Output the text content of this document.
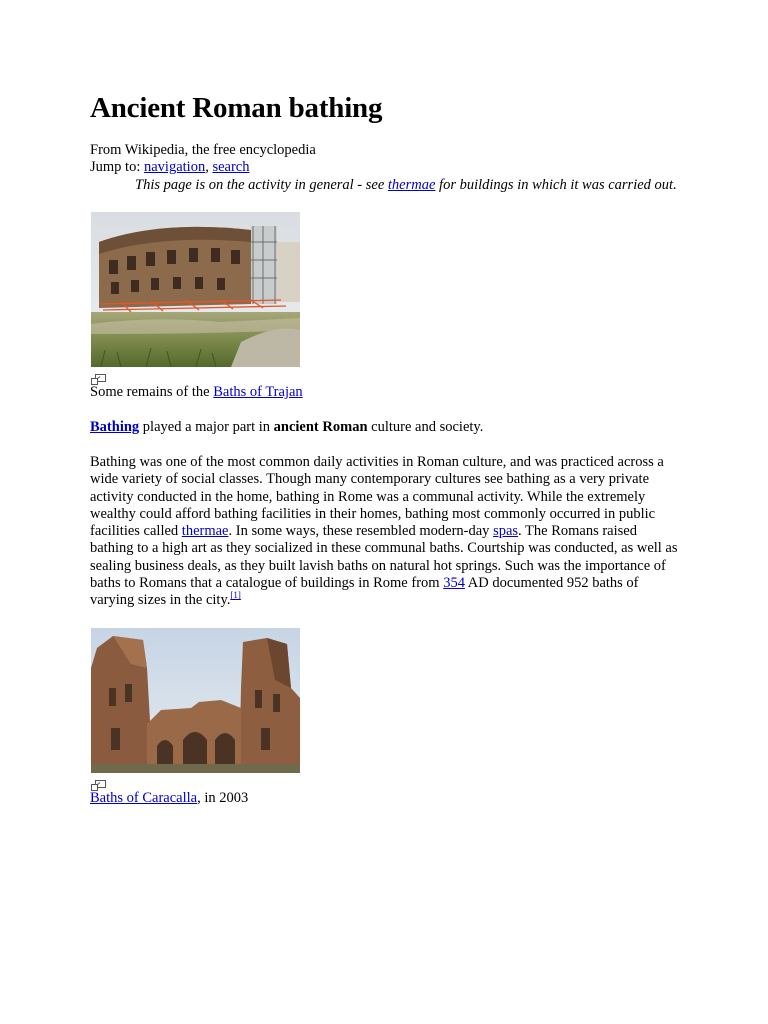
Ancient Roman bathing
From Wikipedia, the free encyclopedia
Jump to: navigation, search
This page is on the activity in general - see thermae for buildings in which it was carried out.
Some remains of the Baths of Trajan
Bathing played a major part in ancient Roman culture and society.
Bathing was one of the most common daily activities in Roman culture, and was practiced across a wide variety of social classes. Though many contemporary cultures see bathing as a very private activity conducted in the home, bathing in Rome was a communal activity. While the extremely wealthy could afford bathing facilities in their homes, bathing most commonly occurred in public facilities called thermae. In some ways, these resembled modern-day spas. The Romans raised bathing to a high art as they socialized in these communal baths. Courtship was conducted, as well as sealing business deals, as they built lavish baths on natural hot springs. Such was the importance of baths to Romans that a catalogue of buildings in Rome from 354 AD documented 952 baths of varying sizes in the city.[1]
Baths of Caracalla, in 2003
